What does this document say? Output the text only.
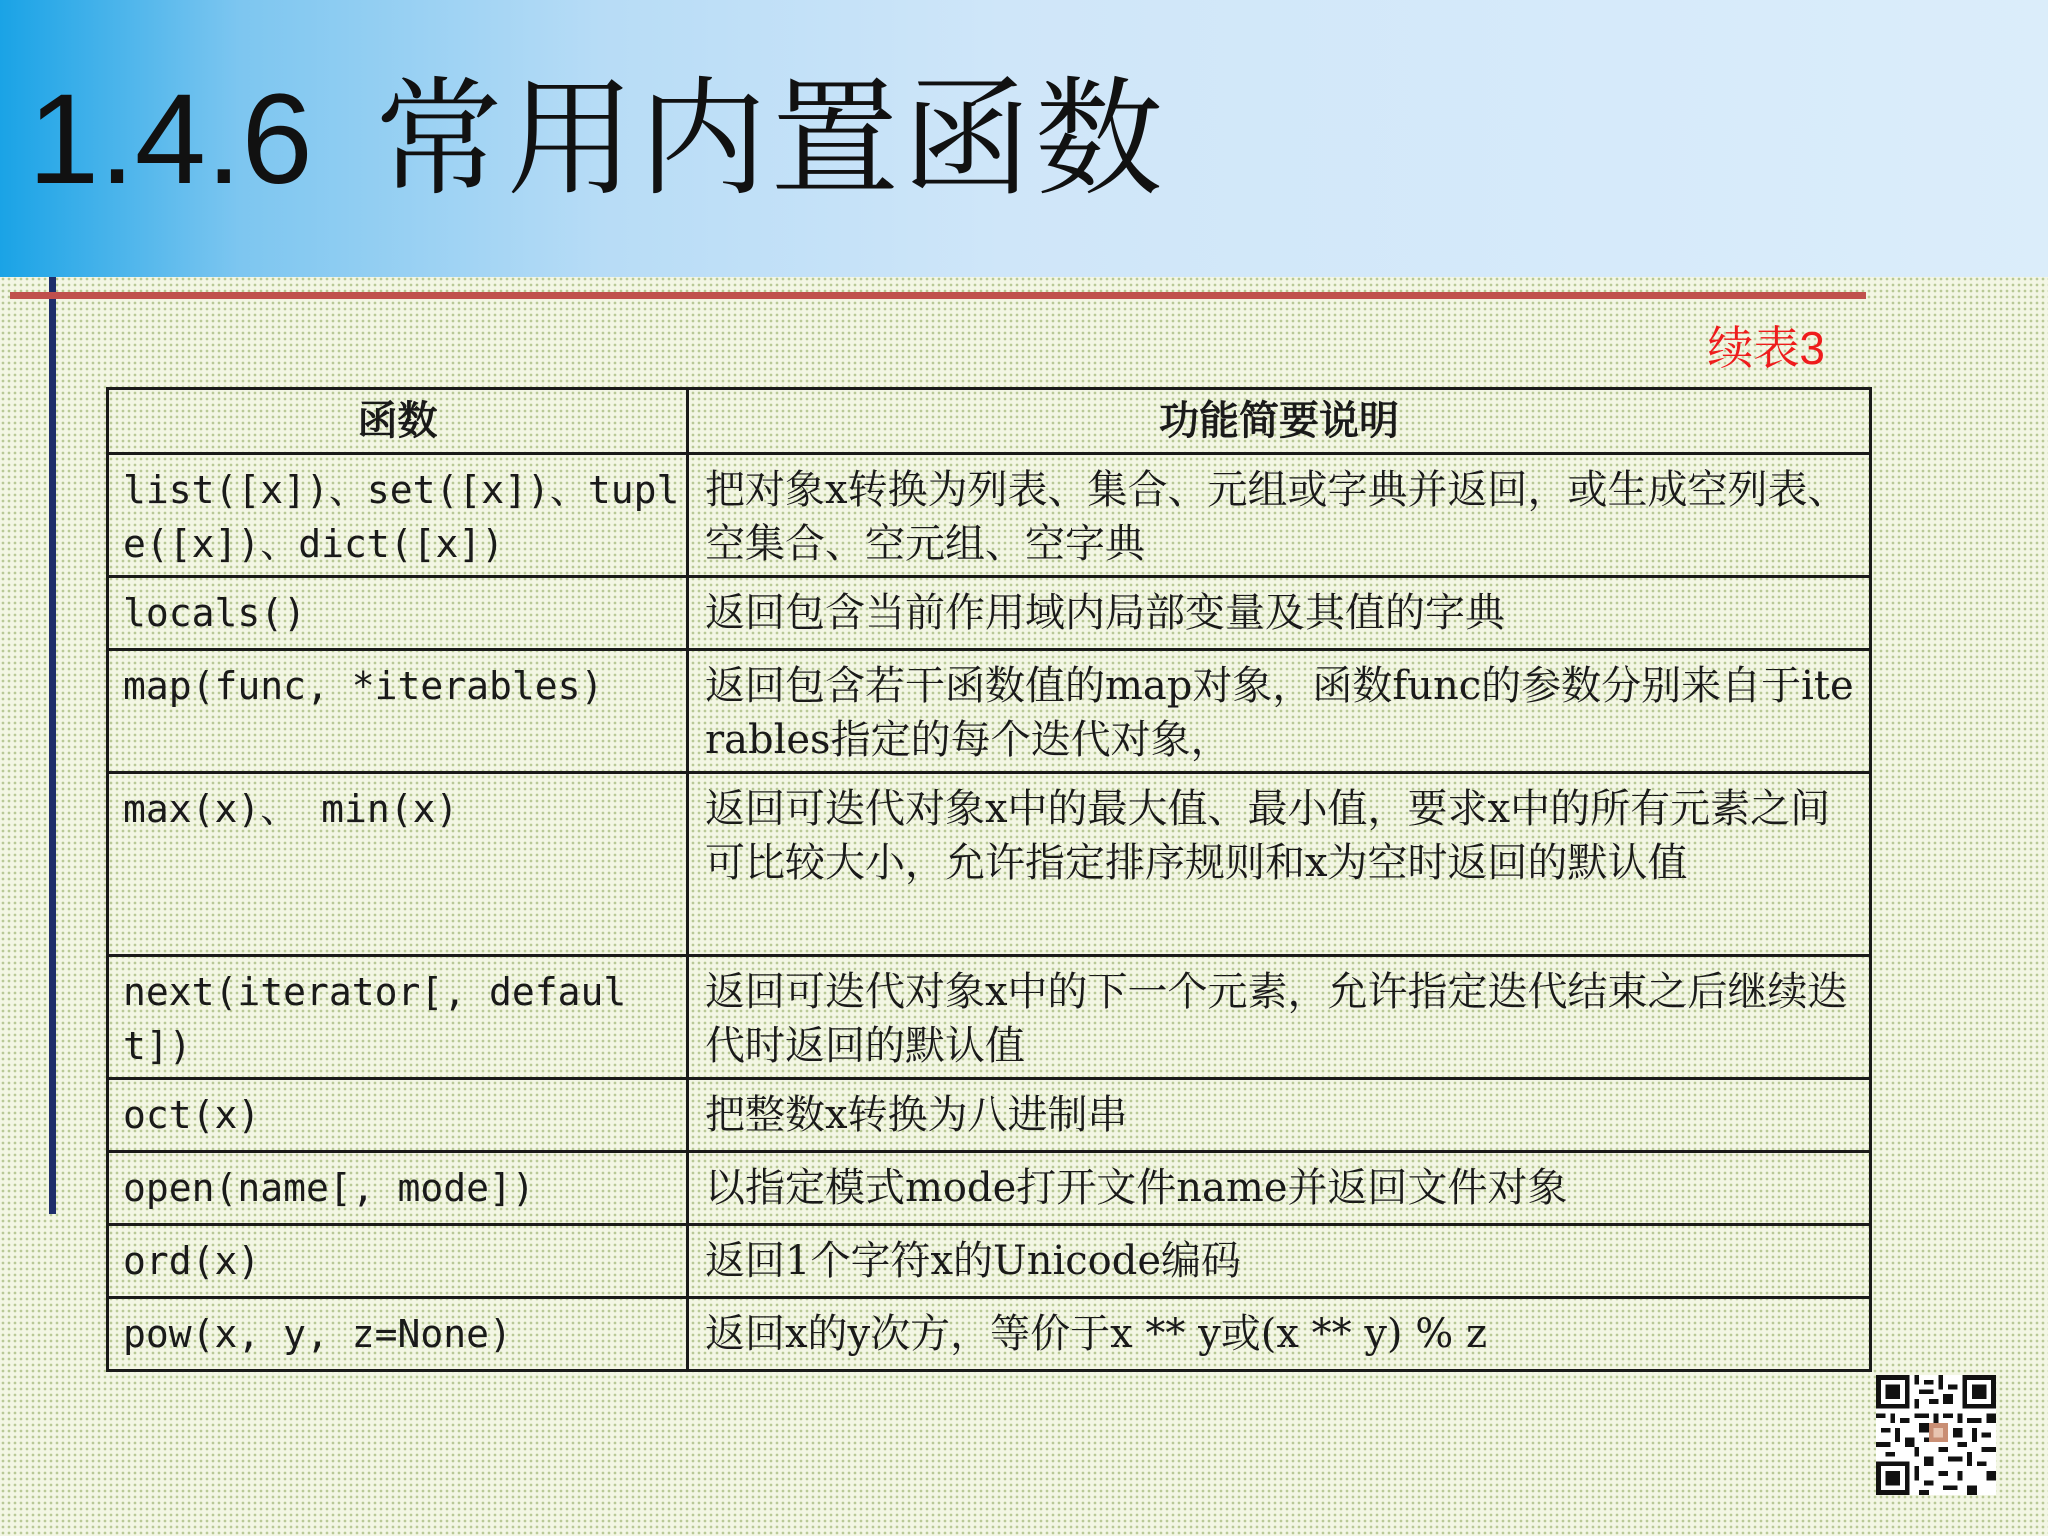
1.4.6 常用内置函数
续表3
函数	功能简要说明
list([x])、set([x])、tuple([x])、dict([x])	把对象x转换为列表、集合、元组或字典并返回，或生成空列表、空集合、空元组、空字典
locals()	返回包含当前作用域内局部变量及其值的字典
map(func, *iterables)	返回包含若干函数值的map对象，函数func的参数分别来自于iterables指定的每个迭代对象，
max(x)、 min(x)	返回可迭代对象x中的最大值、最小值，要求x中的所有元素之间可比较大小，允许指定排序规则和x为空时返回的默认值
next(iterator[, default])	返回可迭代对象x中的下一个元素，允许指定迭代结束之后继续迭代时返回的默认值
oct(x)	把整数x转换为八进制串
open(name[, mode])	以指定模式mode打开文件name并返回文件对象
ord(x)	返回1个字符x的Unicode编码
pow(x, y, z=None)	返回x的y次方，等价于x ** y或(x ** y) % z
